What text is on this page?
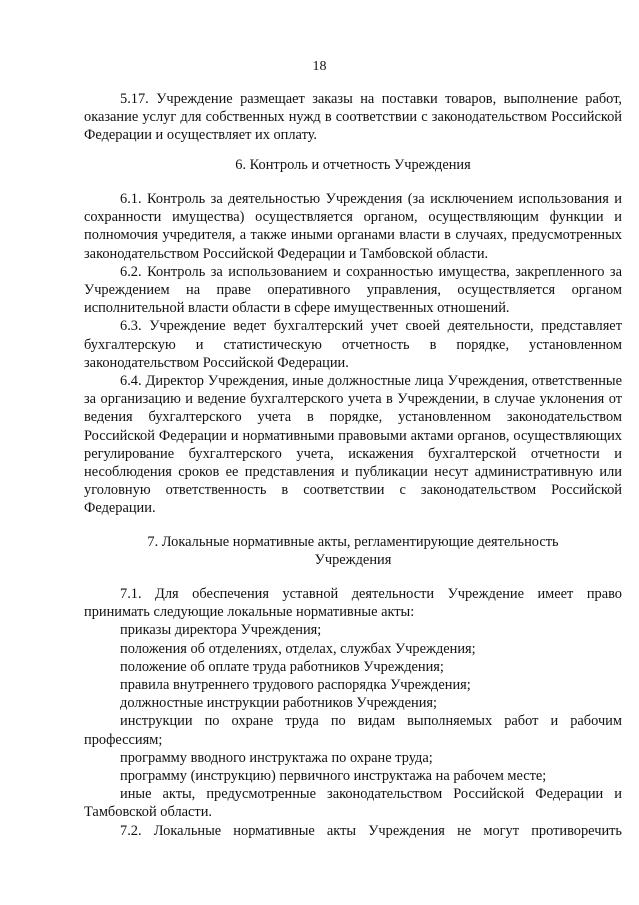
18

5.17. Учреждение размещает заказы на поставки товаров, выполнение работ, оказание услуг для собственных нужд в соответствии с законодательством Российской Федерации и осуществляет их оплату.

6. Контроль и отчетность Учреждения

6.1. Контроль за деятельностью Учреждения (за исключением использования и сохранности имущества) осуществляется органом, осуществляющим функции и полномочия учредителя, а также иными органами власти в случаях, предусмотренных законодательством Российской Федерации и Тамбовской области.

6.2. Контроль за использованием и сохранностью имущества, закрепленного за Учреждением на праве оперативного управления, осуществляется органом исполнительной власти области в сфере имущественных отношений.

6.3. Учреждение ведет бухгалтерский учет своей деятельности, представляет бухгалтерскую и статистическую отчетность в порядке, установленном законодательством Российской Федерации.

6.4. Директор Учреждения, иные должностные лица Учреждения, ответственные за организацию и ведение бухгалтерского учета в Учреждении, в случае уклонения от ведения бухгалтерского учета в порядке, установленном законодательством Российской Федерации и нормативными правовыми актами органов, осуществляющих регулирование бухгалтерского учета, искажения бухгалтерской отчетности и несоблюдения сроков ее представления и публикации несут административную или уголовную ответственность в соответствии с законодательством Российской Федерации.

7. Локальные нормативные акты, регламентирующие деятельность

Учреждения

7.1. Для обеспечения уставной деятельности Учреждение имеет право принимать следующие локальные нормативные акты:

приказы директора Учреждения;

положения об отделениях, отделах, службах Учреждения;

положение об оплате труда работников Учреждения;

правила внутреннего трудового распорядка Учреждения;

должностные инструкции работников Учреждения;

инструкции по охране труда по видам выполняемых работ и рабочим профессиям;

программу вводного инструктажа по охране труда;

программу (инструкцию) первичного инструктажа на рабочем месте;

иные акты, предусмотренные законодательством Российской Федерации и Тамбовской области.

7.2. Локальные нормативные акты Учреждения не могут противоречить
